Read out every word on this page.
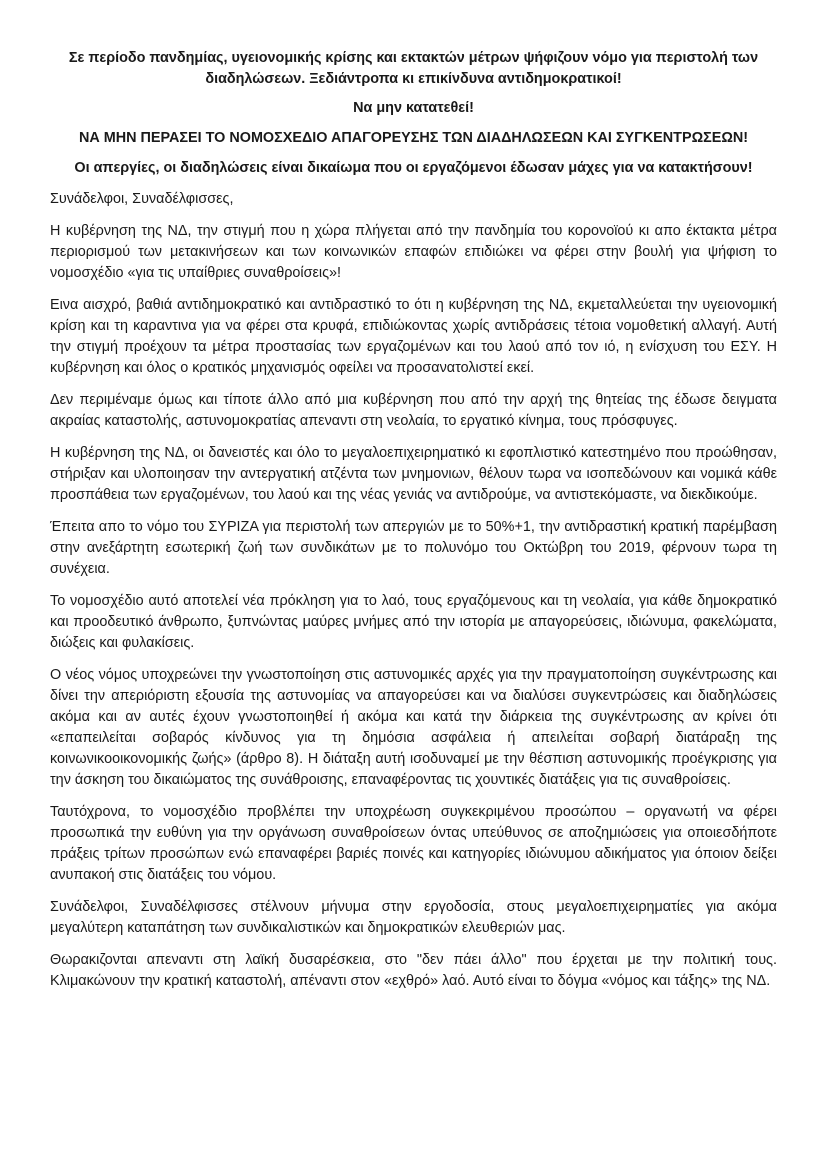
Σε περίοδο πανδημίας, υγειονομικής κρίσης και εκτακτών μέτρων ψήφιζουν νόμο για περιστολή των διαδηλώσεων. Ξεδιάντροπα κι επικίνδυνα αντιδημοκρατικοί!

Να μην κατατεθεί!

ΝΑ ΜΗΝ ΠΕΡΑΣΕΙ ΤΟ ΝΟΜΟΣΧΕΔΙΟ ΑΠΑΓΟΡΕΥΣΗΣ ΤΩΝ ΔΙΑΔΗΛΩΣΕΩΝ ΚΑΙ ΣΥΓΚΕΝΤΡΩΣΕΩΝ!

Οι απεργίες, οι διαδηλώσεις είναι δικαίωμα που οι εργαζόμενοι έδωσαν μάχες για να κατακτήσουν!

Συνάδελφοι, Συναδέλφισσες,

Η κυβέρνηση της ΝΔ, την στιγμή που η χώρα πλήγεται από την πανδημία του κορονοϊού κι απο έκτακτα μέτρα περιορισμού των μετακινήσεων και των κοινωνικών επαφών επιδιώκει να φέρει στην βουλή για ψήφιση το νομοσχέδιο «για τις υπαίθριες συναθροίσεις»!

Εινα αισχρό, βαθιά αντιδημοκρατικό και αντιδραστικό το ότι η κυβέρνηση της ΝΔ, εκμεταλλεύεται την υγειονομική κρίση και τη καραντινα για να φέρει στα κρυφά, επιδιώκοντας χωρίς αντιδράσεις τέτοια νομοθετική αλλαγή. Αυτή την στιγμή προέχουν τα μέτρα προστασίας των εργαζομένων και του λαού από τον ιό, η ενίσχυση του ΕΣΥ. Η κυβέρνηση και όλος ο κρατικός μηχανισμός οφείλει να προσανατολιστεί εκεί.

Δεν περιμέναμε όμως και τίποτε άλλο από μια κυβέρνηση που από την αρχή της θητείας της έδωσε δειγματα ακραίας καταστολής, αστυνομοκρατίας απεναντι στη νεολαία, το εργατικό κίνημα, τους πρόσφυγες.

Η κυβέρνηση της ΝΔ, οι δανειστές και όλο το μεγαλοεπιχειρηματικό κι εφοπλιστικό κατεστημένο που προώθησαν, στήριξαν και υλοποιησαν την αντεργατική ατζέντα των μνημονιων, θέλουν τωρα να ισοπεδώνουν και νομικά κάθε προσπάθεια των εργαζομένων, του λαού και της νέας γενιάς να αντιδρούμε, να αντιστεκόμαστε, να διεκδικούμε.

Έπειτα απο το νόμο του ΣΥΡΙΖΑ για περιστολή των απεργιών με το 50%+1, την αντιδραστική κρατική παρέμβαση στην ανεξάρτητη εσωτερική ζωή των συνδικάτων με το πολυνόμο του Οκτώβρη του 2019, φέρνουν τωρα τη συνέχεια.

Το νομοσχέδιο αυτό αποτελεί νέα πρόκληση για το λαό, τους εργαζόμενους και τη νεολαία, για κάθε δημοκρατικό και προοδευτικό άνθρωπο, ξυπνώντας μαύρες μνήμες από την ιστορία με απαγορεύσεις, ιδιώνυμα, φακελώματα, διώξεις και φυλακίσεις.

Ο νέος νόμος υποχρεώνει την γνωστοποίηση στις αστυνομικές αρχές για την πραγματοποίηση συγκέντρωσης και δίνει την απεριόριστη εξουσία της αστυνομίας να απαγορεύσει και να διαλύσει συγκεντρώσεις και διαδηλώσεις ακόμα και αν αυτές έχουν γνωστοποιηθεί ή ακόμα και κατά την διάρκεια της συγκέντρωσης αν κρίνει ότι «επαπειλείται σοβαρός κίνδυνος για τη δημόσια ασφάλεια ή απειλείται σοβαρή διατάραξη της κοινωνικοοικονομικής ζωής» (άρθρο 8). Η διάταξη αυτή ισοδυναμεί με την θέσπιση αστυνομικής προέγκρισης για την άσκηση του δικαιώματος της συνάθροισης, επαναφέροντας τις χουντικές διατάξεις για τις συναθροίσεις.

Ταυτόχρονα, το νομοσχέδιο προβλέπει την υποχρέωση συγκεκριμένου προσώπου – οργανωτή να φέρει προσωπικά την ευθύνη για την οργάνωση συναθροίσεων όντας υπεύθυνος σε αποζημιώσεις για οποιεσδήποτε πράξεις τρίτων προσώπων ενώ επαναφέρει βαριές ποινές και κατηγορίες ιδιώνυμου αδικήματος για όποιον δείξει ανυπακοή στις διατάξεις του νόμου.

Συνάδελφοι, Συναδέλφισσες στέλνουν μήνυμα στην εργοδοσία, στους μεγαλοεπιχειρηματίες για ακόμα μεγαλύτερη καταπάτηση των συνδικαλιστικών και δημοκρατικών ελευθεριών μας.

Θωρακιζονται απεναντι στη λαϊκή δυσαρέσκεια, στο "δεν πάει άλλο" που έρχεται με την πολιτική τους. Κλιμακώνουν την κρατική καταστολή, απέναντι στον «εχθρό» λαό. Αυτό είναι το δόγμα «νόμος και τάξης» της ΝΔ.
